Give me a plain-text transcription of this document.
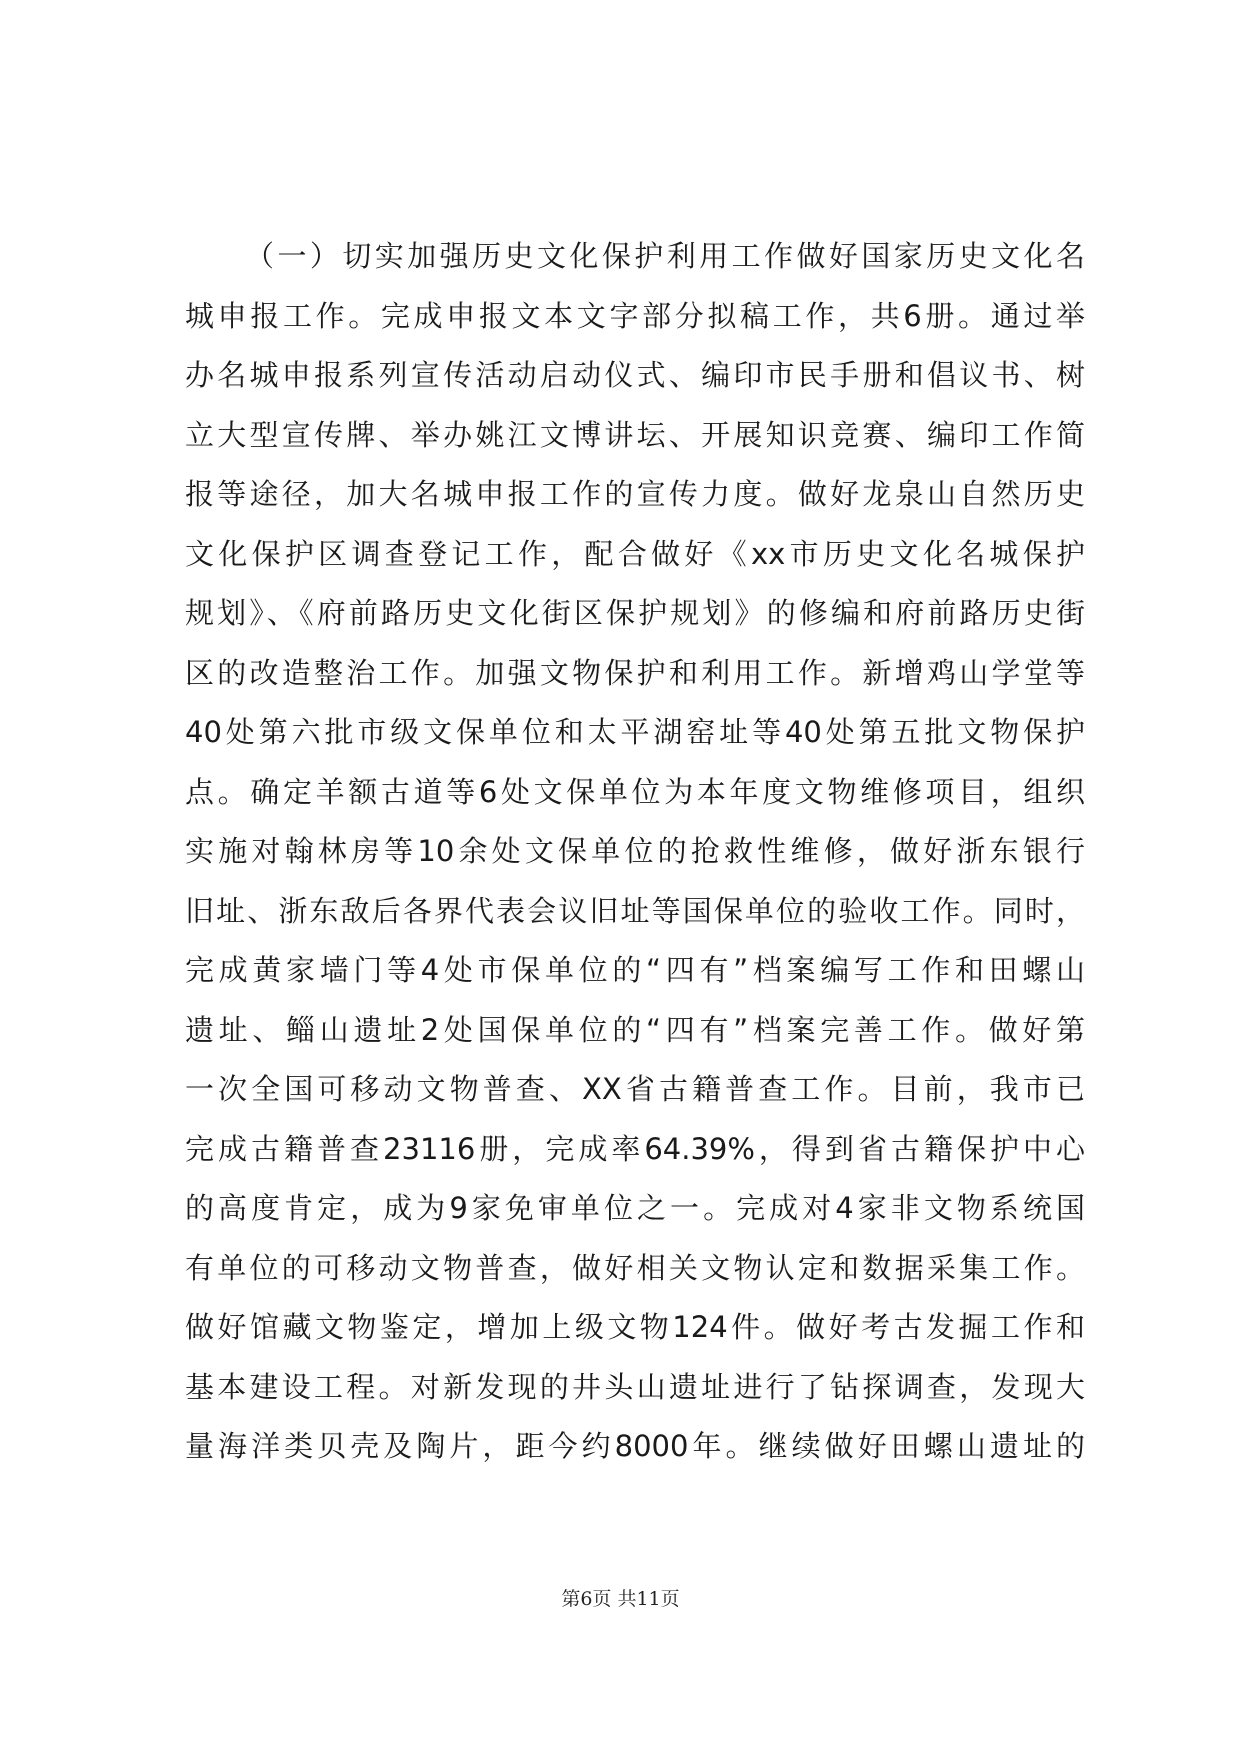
（一）切实加强历史文化保护利用工作做好国家历史文化名
城申报工作。完成申报文本文字部分拟稿工作，共6册。通过举
办名城申报系列宣传活动启动仪式、编印市民手册和倡议书、树
立大型宣传牌、举办姚江文博讲坛、开展知识竞赛、编印工作简
报等途径，加大名城申报工作的宣传力度。做好龙泉山自然历史
文化保护区调查登记工作，配合做好《xx市历史文化名城保护
规划》、《府前路历史文化街区保护规划》的修编和府前路历史街
区的改造整治工作。加强文物保护和利用工作。新增鸡山学堂等
40处第六批市级文保单位和太平湖窑址等40处第五批文物保护
点。确定羊额古道等6处文保单位为本年度文物维修项目，组织
实施对翰林房等10余处文保单位的抢救性维修，做好浙东银行
旧址、浙东敌后各界代表会议旧址等国保单位的验收工作。同时，
完成黄家墙门等4处市保单位的“四有”档案编写工作和田螺山
遗址、鲻山遗址2处国保单位的“四有”档案完善工作。做好第
一次全国可移动文物普查、XX省古籍普查工作。目前，我市已
完成古籍普查23116册，完成率64.39%，得到省古籍保护中心
的高度肯定，成为9家免审单位之一。完成对4家非文物系统国
有单位的可移动文物普查，做好相关文物认定和数据采集工作。
做好馆藏文物鉴定，增加上级文物124件。做好考古发掘工作和
基本建设工程。对新发现的井头山遗址进行了钻探调查，发现大
量海洋类贝壳及陶片，距今约8000年。继续做好田螺山遗址的
第6页 共11页
